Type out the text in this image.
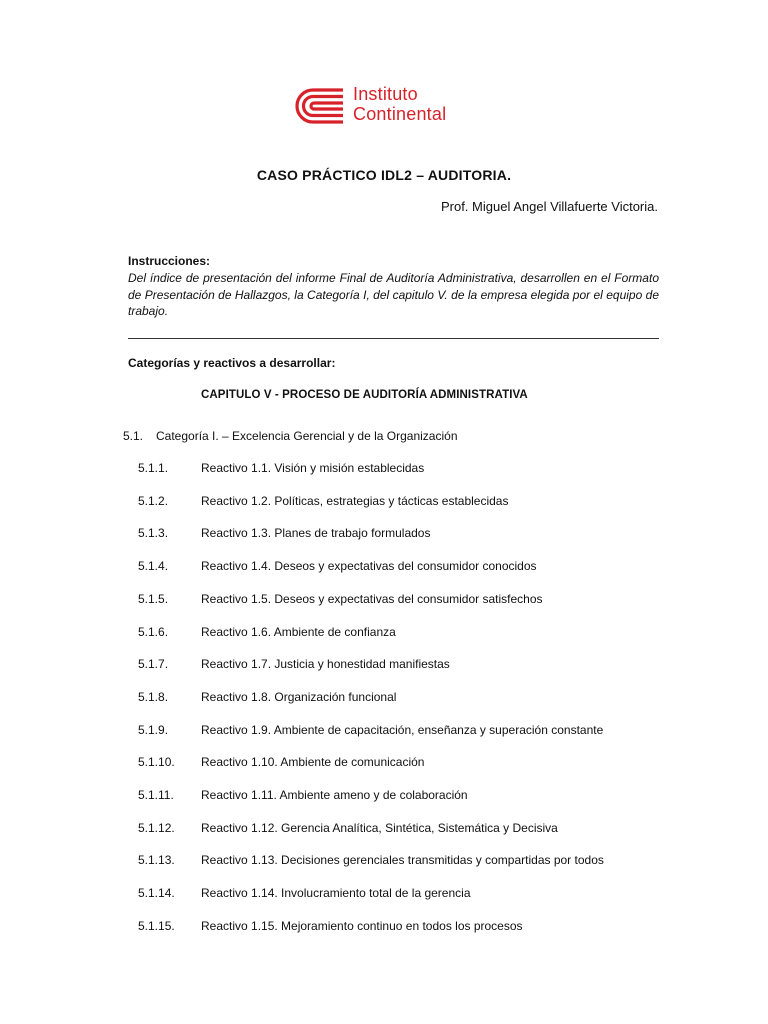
Instituto
Continental
CASO PRÁCTICO IDL2 – AUDITORIA.
Prof. Miguel Angel Villafuerte Victoria.
Instrucciones:
Del índice de presentación del informe Final de Auditoría Administrativa, desarrollen en el Formato de Presentación de Hallazgos, la Categoría I, del capitulo V. de la empresa elegida por el equipo de trabajo.
Categorías y reactivos a desarrollar:
CAPITULO V - PROCESO DE AUDITORÍA ADMINISTRATIVA
5.1. Categoría I. – Excelencia Gerencial y de la Organización
5.1.1.	Reactivo 1.1. Visión y misión establecidas
5.1.2.	Reactivo 1.2. Políticas, estrategias y tácticas establecidas
5.1.3.	Reactivo 1.3. Planes de trabajo formulados
5.1.4.	Reactivo 1.4. Deseos y expectativas del consumidor conocidos
5.1.5.	Reactivo 1.5. Deseos y expectativas del consumidor satisfechos
5.1.6.	Reactivo 1.6. Ambiente de confianza
5.1.7.	Reactivo 1.7. Justicia y honestidad manifiestas
5.1.8.	Reactivo 1.8. Organización funcional
5.1.9.	Reactivo 1.9. Ambiente de capacitación, enseñanza y superación constante
5.1.10. Reactivo 1.10. Ambiente de comunicación
5.1.11. Reactivo 1.11. Ambiente ameno y de colaboración
5.1.12. Reactivo 1.12. Gerencia Analítica, Sintética, Sistemática y Decisiva
5.1.13. Reactivo 1.13. Decisiones gerenciales transmitidas y compartidas por todos
5.1.14. Reactivo 1.14. Involucramiento total de la gerencia
5.1.15. Reactivo 1.15. Mejoramiento continuo en todos los procesos
